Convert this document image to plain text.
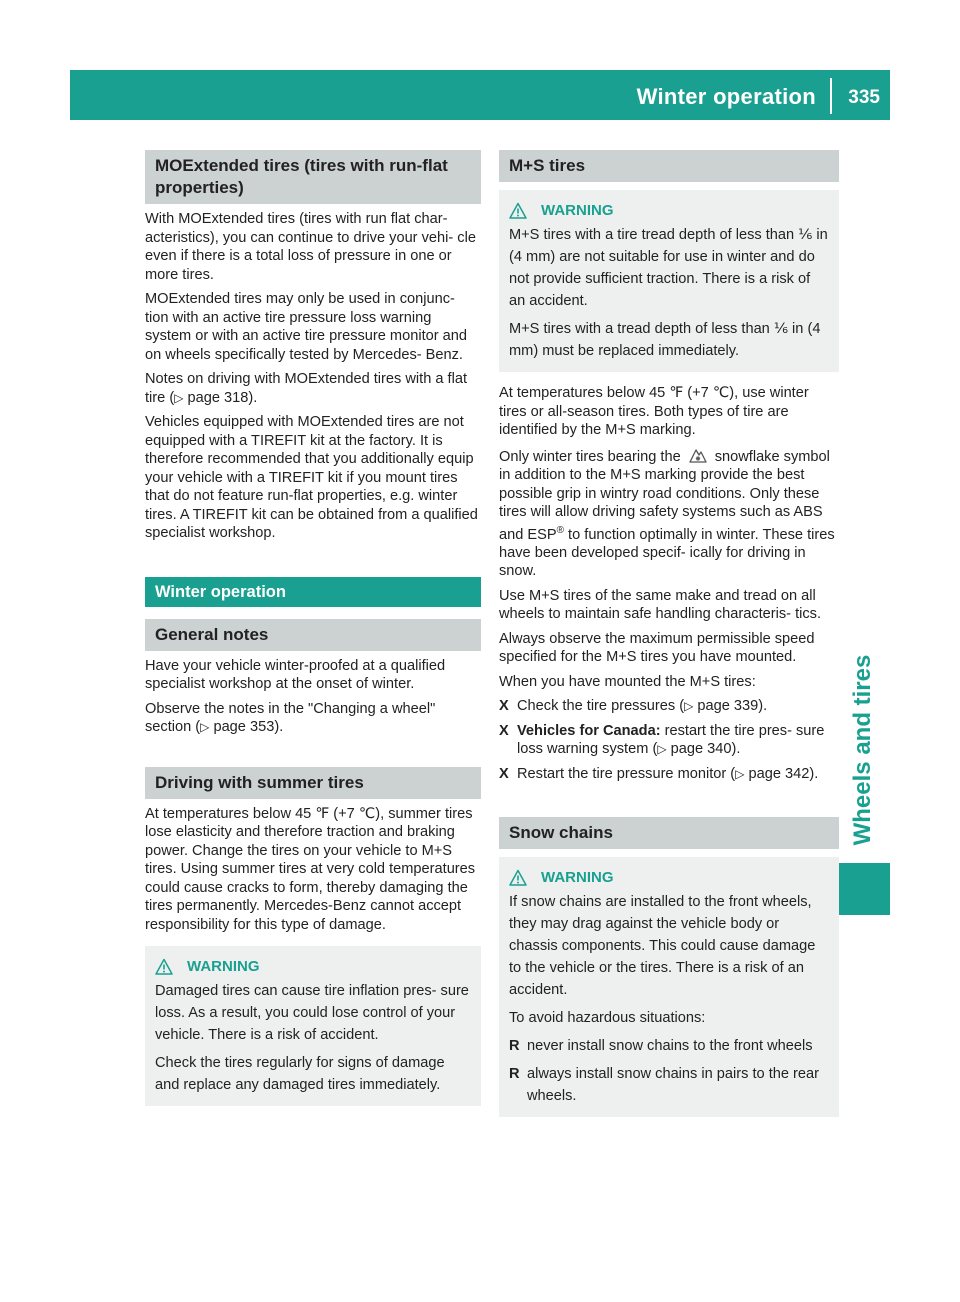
Winter operation 335
Wheels and tires
MOExtended tires (tires with run-flat properties)

With MOExtended tires (tires with run flat char- acteristics), you can continue to drive your vehi- cle even if there is a total loss of pressure in one or more tires.

MOExtended tires may only be used in conjunc- tion with an active tire pressure loss warning system or with an active tire pressure monitor and on wheels specifically tested by Mercedes- Benz.

Notes on driving with MOExtended tires with a flat tire (▷ page 318).

Vehicles equipped with MOExtended tires are not equipped with a TIREFIT kit at the factory. It is therefore recommended that you additionally equip your vehicle with a TIREFIT kit if you mount tires that do not feature run-flat properties, e.g. winter tires. A TIREFIT kit can be obtained from a qualified specialist workshop.

Winter operation
General notes

Have your vehicle winter-proofed at a qualified specialist workshop at the onset of winter.

Observe the notes in the "Changing a wheel" section (▷ page 353).

Driving with summer tires

At temperatures below 45 ℉ (+7 ℃), summer tires lose elasticity and therefore traction and braking power. Change the tires on your vehicle to M+S tires. Using summer tires at very cold temperatures could cause cracks to form, thereby damaging the tires permanently. Mercedes-Benz cannot accept responsibility for this type of damage.

WARNING

Damaged tires can cause tire inflation pres- sure loss. As a result, you could lose control of your vehicle. There is a risk of accident.

Check the tires regularly for signs of damage and replace any damaged tires immediately.

M+S tires
WARNING

M+S tires with a tire tread depth of less than ⅙ in (4 mm) are not suitable for use in winter and do not provide sufficient traction. There is a risk of an accident.

M+S tires with a tread depth of less than ⅙ in (4 mm) must be replaced immediately.

At temperatures below 45 ℉ (+7 ℃), use winter tires or all-season tires. Both types of tire are identified by the M+S marking.

Only winter tires bearing the snowflake symbol in addition to the M+S marking provide the best possible grip in wintry road conditions. Only these tires will allow driving safety systems such as ABS and ESP® to function optimally in winter. These tires have been developed specif- ically for driving in snow.

Use M+S tires of the same make and tread on all wheels to maintain safe handling characteris- tics.

Always observe the maximum permissible speed specified for the M+S tires you have mounted.

When you have mounted the M+S tires:

X Check the tire pressures (▷ page 339).
X Vehicles for Canada: restart the tire pres- sure loss warning system (▷ page 340).
X Restart the tire pressure monitor (▷ page 342).
Snow chains
WARNING

If snow chains are installed to the front wheels, they may drag against the vehicle body or chassis components. This could cause damage to the vehicle or the tires. There is a risk of an accident.

To avoid hazardous situations:

R never install snow chains to the front wheels
R always install snow chains in pairs to the rear wheels.
